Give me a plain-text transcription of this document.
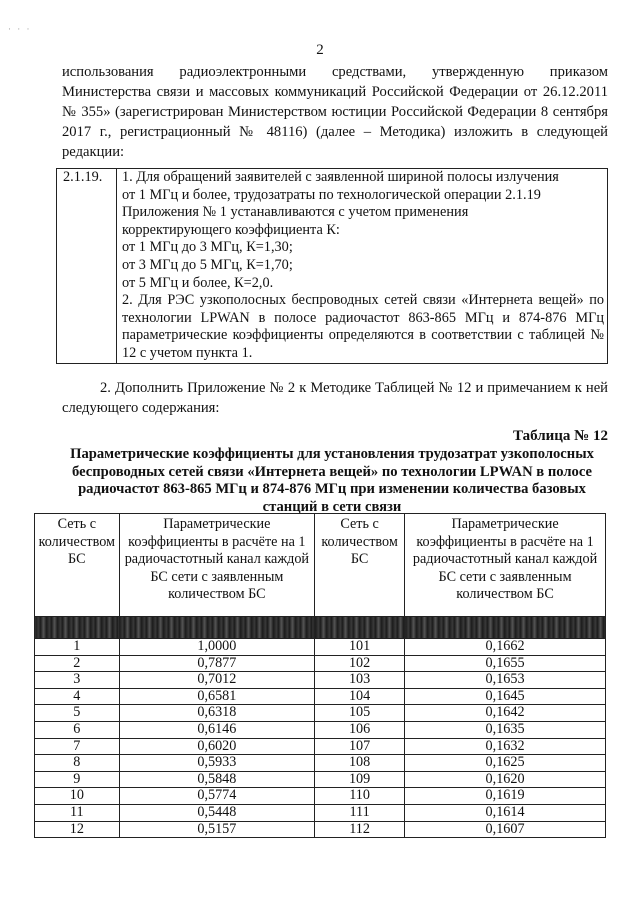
· · ·
2

использования радиоэлектронными средствами, утвержденную приказом Министерства связи и массовых коммуникаций Российской Федерации от 26.12.2011 № 355» (зарегистрирован Министерством юстиции Российской Федерации 8 сентября 2017 г., регистрационный № 48116) (далее – Методика) изложить в следующей редакции:

2.1.19.	1. Для обращений заявителей с заявленной шириной полосы излучения

от 1 МГц и более, трудозатраты по технологической операции 2.1.19

Приложения № 1 устанавливаются с учетом применения

корректирующего коэффициента К:

от 1 МГц до 3 МГц, К=1,30;

от 3 МГц до 5 МГц, К=1,70;

от 5 МГц и более, К=2,0.

2. Для РЭС узкополосных беспроводных сетей связи «Интернета вещей» по технологии LPWAN в полосе радиочастот 863-865 МГц и 874-876 МГц параметрические коэффициенты определяются в соответствии с таблицей № 12 с учетом пункта 1.

2. Дополнить Приложение № 2 к Методике Таблицей № 12 и примечанием к ней следующего содержания:

Таблица № 12

Параметрические коэффициенты для установления трудозатрат узкополосных беспроводных сетей связи «Интернета вещей» по технологии LPWAN в полосе радиочастот 863-865 МГц и 874-876 МГц при изменении количества базовых станций в сети связи

Сеть с количеством БС	Параметрические коэффициенты в расчёте на 1 радиочастотный канал каждой БС сети с заявленным количеством БС	Сеть с количеством БС	Параметрические коэффициенты в расчёте на 1 радиочастотный канал каждой БС сети с заявленным количеством БС

1	1,0000	101	0,1662
2	0,7877	102	0,1655
3	0,7012	103	0,1653
4	0,6581	104	0,1645
5	0,6318	105	0,1642
6	0,6146	106	0,1635
7	0,6020	107	0,1632
8	0,5933	108	0,1625
9	0,5848	109	0,1620
10	0,5774	110	0,1619
11	0,5448	111	0,1614
12	0,5157	112	0,1607
